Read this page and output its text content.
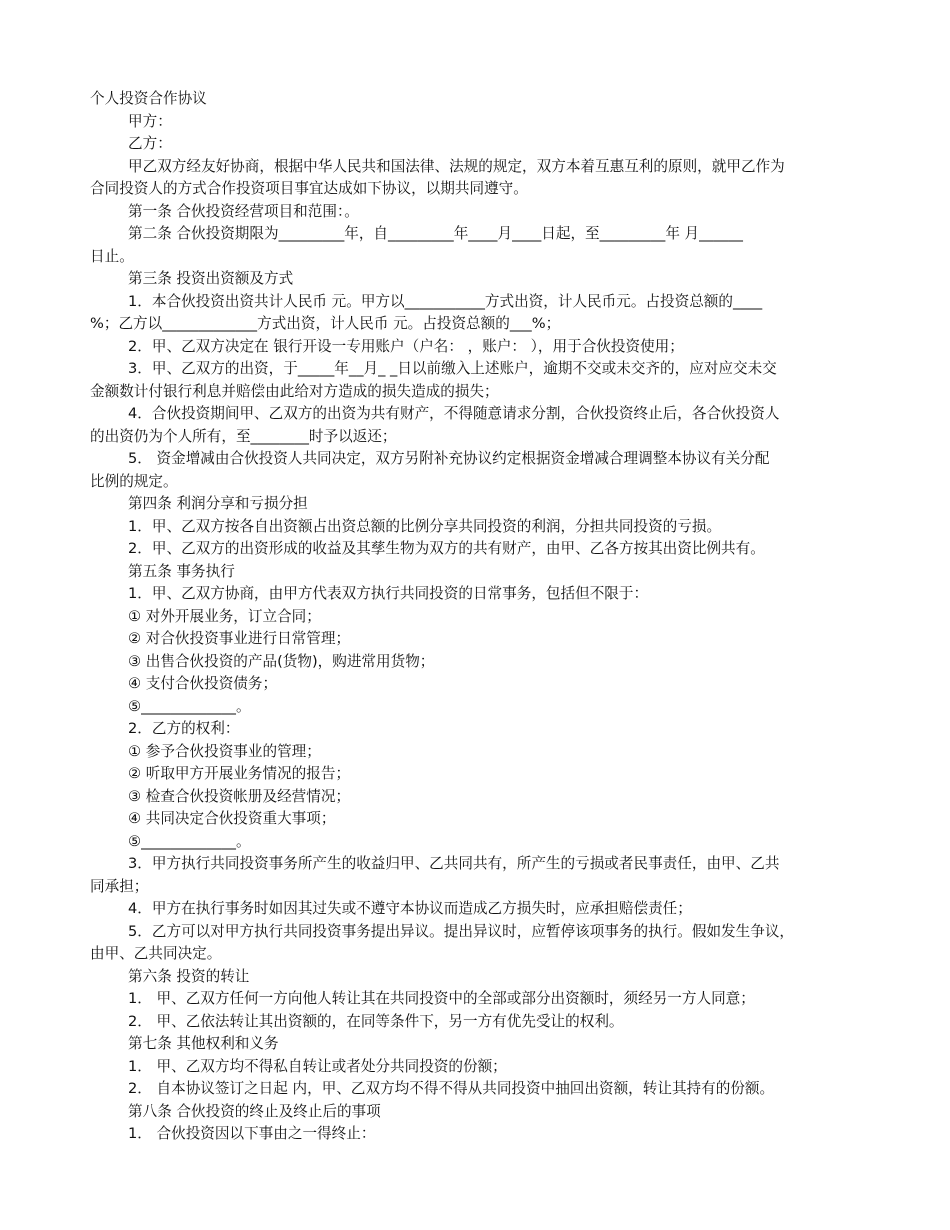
个人投资合作协议
甲方：
乙方：
甲乙双方经友好协商，根据中华人民共和国法律、法规的规定，双方本着互惠互利的原则，就甲乙作为
合同投资人的方式合作投资项目事宜达成如下协议，以期共同遵守。
第一条 合伙投资经营项目和范围：。
第二条 合伙投资期限为_________年，自_________年____月____日起，至_________年 月______
日止。
第三条 投资出资额及方式
1．本合伙投资出资共计人民币 元。甲方以___________方式出资，计人民币元。占投资总额的____
%；乙方以_____________方式出资，计人民币 元。占投资总额的___%；
2．甲、乙双方决定在 银行开设一专用账户（户名： ，账户： ），用于合伙投资使用；
3．甲、乙双方的出资，于_____年__月_ _日以前缴入上述账户，逾期不交或未交齐的，应对应交未交
金额数计付银行利息并赔偿由此给对方造成的损失造成的损失；
4．合伙投资期间甲、乙双方的出资为共有财产，不得随意请求分割，合伙投资终止后，各合伙投资人
的出资仍为个人所有，至________时予以返还；
5． 资金增减由合伙投资人共同决定，双方另附补充协议约定根据资金增减合理调整本协议有关分配
比例的规定。
第四条 利润分享和亏损分担
1．甲、乙双方按各自出资额占出资总额的比例分享共同投资的利润，分担共同投资的亏损。
2．甲、乙双方的出资形成的收益及其孳生物为双方的共有财产，由甲、乙各方按其出资比例共有。
第五条 事务执行
1．甲、乙双方协商，由甲方代表双方执行共同投资的日常事务，包括但不限于：
① 对外开展业务，订立合同；
② 对合伙投资事业进行日常管理；
③ 出售合伙投资的产品(货物)，购进常用货物；
④ 支付合伙投资债务；
⑤_____________。
2．乙方的权利：
① 参予合伙投资事业的管理；
② 听取甲方开展业务情况的报告；
③ 检查合伙投资帐册及经营情况；
④ 共同决定合伙投资重大事项；
⑤_____________。
3．甲方执行共同投资事务所产生的收益归甲、乙共同共有，所产生的亏损或者民事责任，由甲、乙共
同承担；
4．甲方在执行事务时如因其过失或不遵守本协议而造成乙方损失时，应承担赔偿责任；
5．乙方可以对甲方执行共同投资事务提出异议。提出异议时，应暂停该项事务的执行。假如发生争议，
由甲、乙共同决定。
第六条 投资的转让
1． 甲、乙双方任何一方向他人转让其在共同投资中的全部或部分出资额时，须经另一方人同意；
2． 甲、乙依法转让其出资额的，在同等条件下，另一方有优先受让的权利。
第七条 其他权利和义务
1． 甲、乙双方均不得私自转让或者处分共同投资的份额；
2． 自本协议签订之日起 内，甲、乙双方均不得不得从共同投资中抽回出资额，转让其持有的份额。
第八条 合伙投资的终止及终止后的事项
1． 合伙投资因以下事由之一得终止：
